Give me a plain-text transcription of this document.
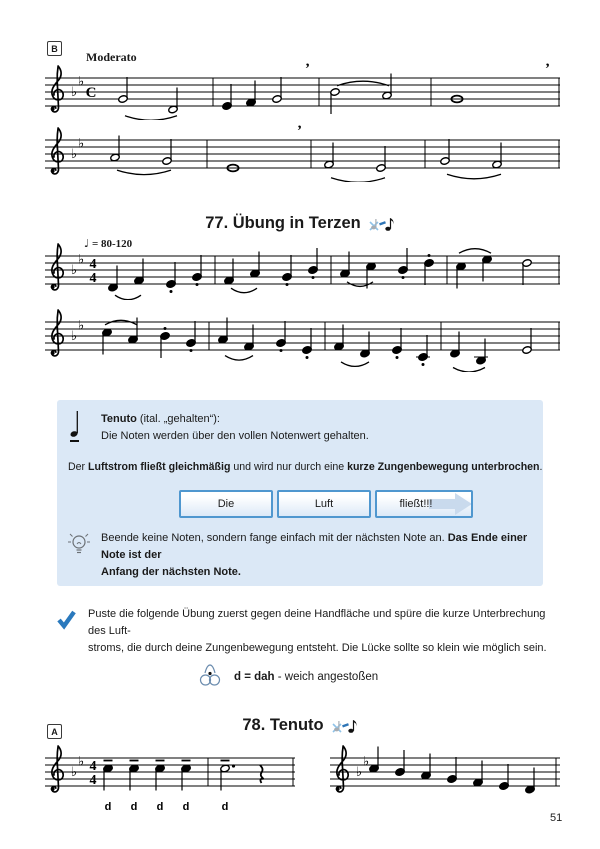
B
Moderato
♭
♭
C
’	’
♭
♭
’
77. Übung in Terzen
♩ = 80-120
♭
♭ 4
4
♭
♭
Tenuto (ital. „gehalten“):
Die Noten werden über den vollen Notenwert gehalten.
Der Luftstrom fließt gleichmäßig und wird nur durch eine kurze Zungenbewegung unterbrochen.
Die	Luft	fließt!!!
Beende keine Noten, sondern fange einfach mit der nächsten Note an. Das Ende einer Note ist der
Anfang der nächsten Note.
Puste die folgende Übung zuerst gegen deine Handfläche und spüre die kurze Unterbrechung des Luft-
stroms, die durch deine Zungenbewegung entsteht. Die Lücke sollte so klein wie möglich sein.
d = dah - weich angestoßen
A	78. Tenuto
♭
♭ 4
4
d d d d	d
♭
♭
51
